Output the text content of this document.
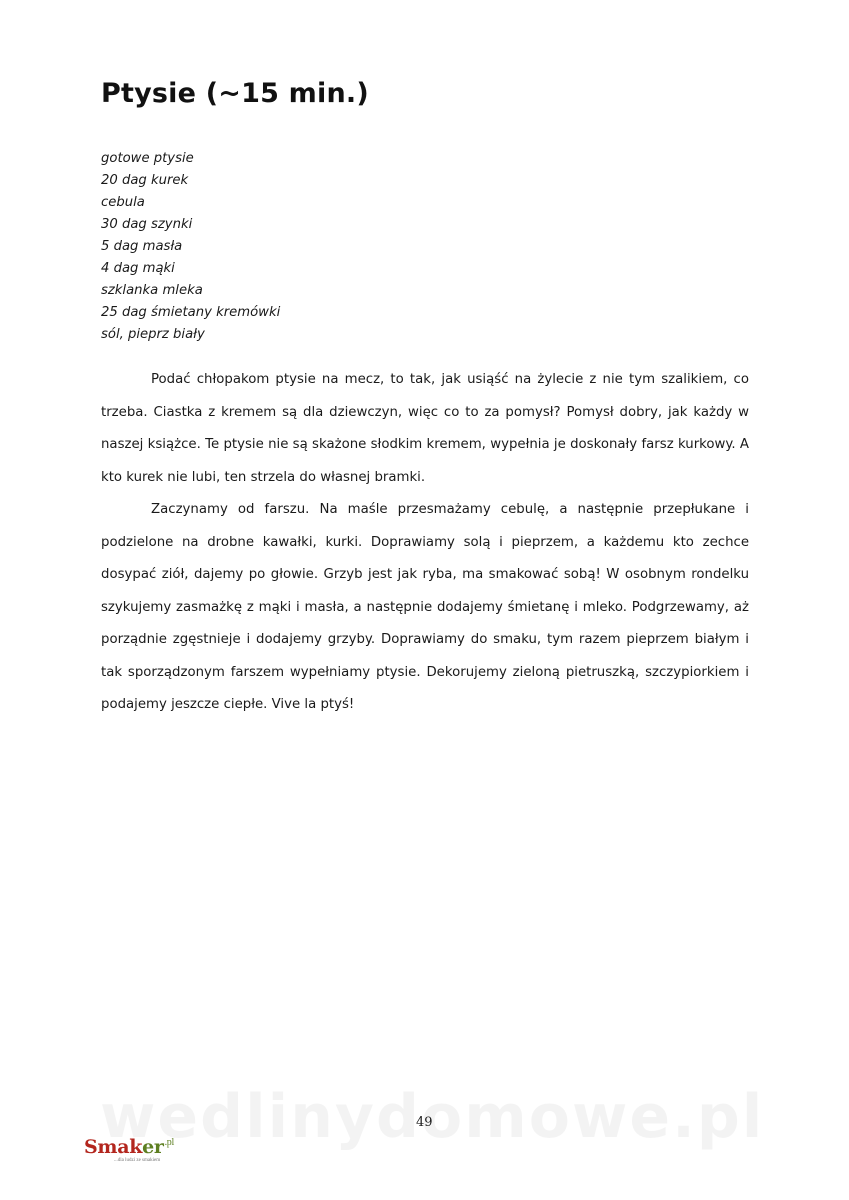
Ptysie (~15 min.)
gotowe ptysie
20 dag kurek
cebula
30 dag szynki
5 dag masła
4 dag mąki
szklanka mleka
25 dag śmietany kremówki
sól, pieprz biały

Podać chłopakom ptysie na mecz, to tak, jak usiąść na żylecie z nie tym szalikiem, co trzeba. Ciastka z kremem są dla dziewczyn, więc co to za pomysł? Pomysł dobry, jak każdy w naszej książce. Te ptysie nie są skażone słodkim kremem, wypełnia je doskonały farsz kurkowy. A kto kurek nie lubi, ten strzela do własnej bramki.

Zaczynamy od farszu. Na maśle przesmażamy cebulę, a następnie przepłukane i podzielone na drobne kawałki, kurki. Doprawiamy solą i pieprzem, a każdemu kto zechce dosypać ziół, dajemy po głowie. Grzyb jest jak ryba, ma smakować sobą! W osobnym rondelku szykujemy zasmażkę z mąki i masła, a następnie dodajemy śmietanę i mleko. Podgrzewamy, aż porządnie zgęstnieje i dodajemy grzyby. Doprawiamy do smaku, tym razem pieprzem białym i tak sporządzonym farszem wypełniamy ptysie. Dekorujemy zieloną pietruszką, szczypiorkiem i podajemy jeszcze ciepłe. Vive la ptyś!

49
Smaker$^{.pl}$
...dla ludzi ze smakiem
